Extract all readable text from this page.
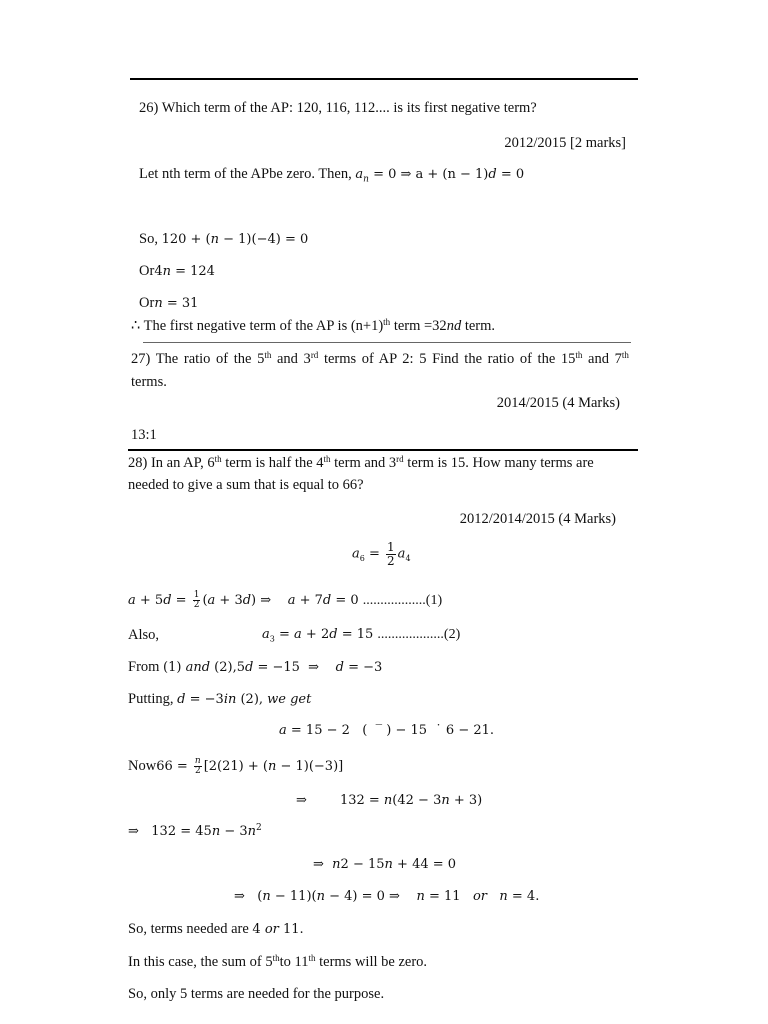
26) Which term of the AP: 120, 116, 112.... is its first negative term?
2012/2015 [2 marks]
Let nth term of the APbe zero. Then, $a_n = 0$ ⇒ a + (n − 1)d = 0
So, 120 + (n − 1)(−4) = 0
Or4n = 124
Orn = 31
∴ The first negative term of the AP is $(n+1)^{th}$ term =32nd term.
27) The ratio of the 5th and 3rd terms of AP 2: 5 Find the ratio of the 15th and 7th
terms.
2014/2015 (4 Marks)
13:1
28) In an AP, 6th term is half the 4th term and 3rd term is 15. How many terms are
needed to give a sum that is equal to 66?
2012/2014/2015 (4 Marks)
$a_6 = \frac{1}{2} a_4$
$a + 5d = \frac{1}{2} (a + 3d)$ ⇒    a + 7d = 0 ..................(1)
Also,	$a_3 = a + 2d = 15$ ...................(2)
From (1) and (2),5d = −15  ⇒    d = −3
Putting, d = −3in (2), we get
a = 15 − 2   (  ‾ ) − 15  ˙ 6 − 21.
$Now66 = \frac{n}{2} [2(21) + (n - 1)(-3)]$
⇒        132 = n(42 − 3n + 3)
⇒   $132 = 45n - 3n^2$
⇒  n2 − 15n + 44 = 0
⇒   (n − 11)(n − 4) = 0 ⇒    n = 11   or n = 4.
So, terms needed are 4 or 11.
In this case, the sum of 5thto 11th terms will be zero.
So, only 5 terms are needed for the purpose.
